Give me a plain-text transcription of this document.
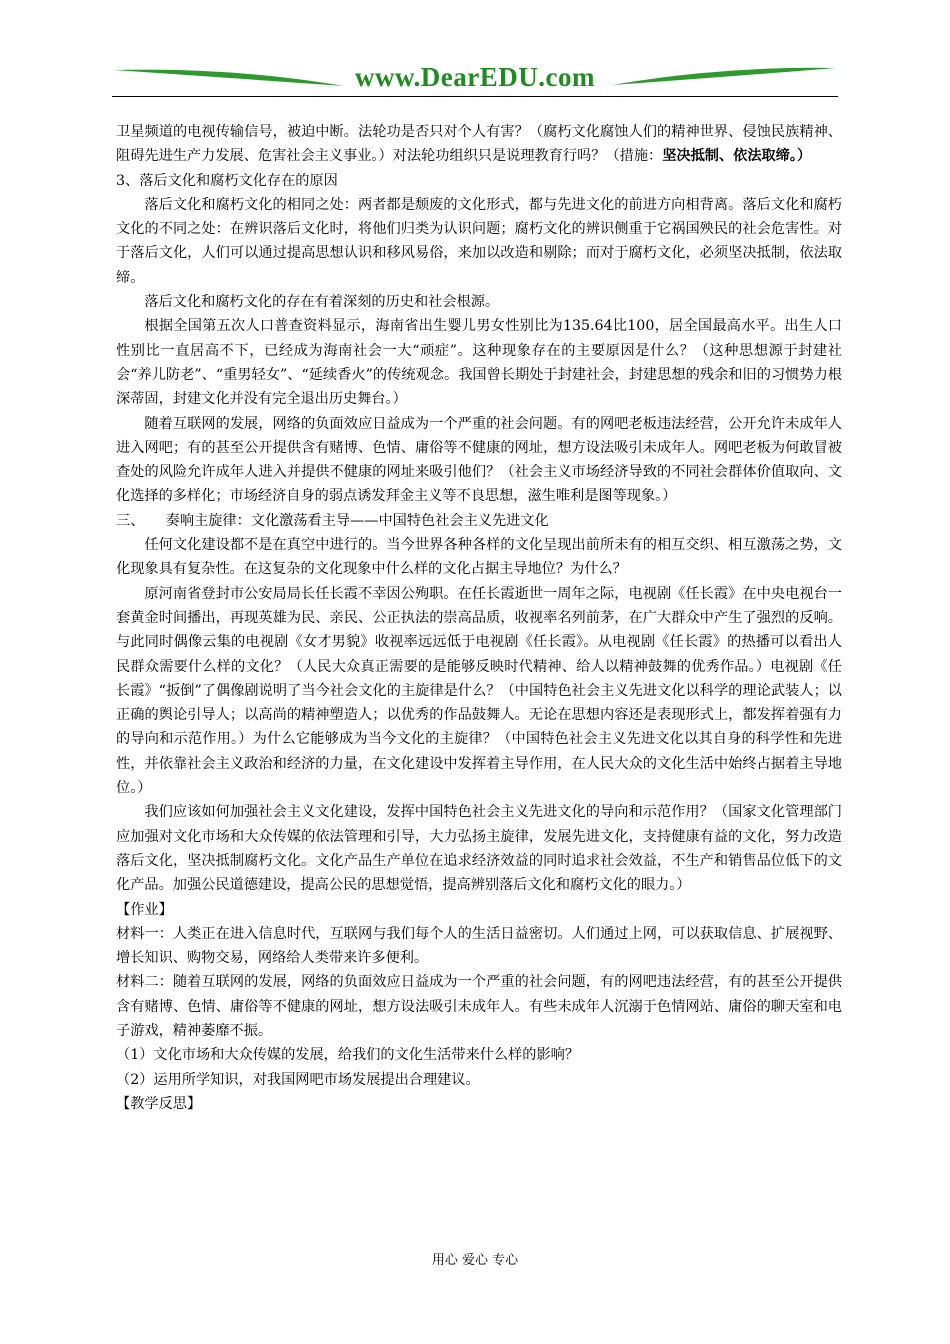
www.DearEDU.com

卫星频道的电视传输信号，被迫中断。法轮功是否只对个人有害？（腐朽文化腐蚀人们的精神世界、侵蚀民族精神、阻碍先进生产力发展、危害社会主义事业。）对法轮功组织只是说理教育行吗？（措施：坚决抵制、依法取缔。）

3、落后文化和腐朽文化存在的原因

落后文化和腐朽文化的相同之处：两者都是颓废的文化形式，都与先进文化的前进方向相背离。落后文化和腐朽文化的不同之处：在辨识落后文化时，将他们归类为认识问题；腐朽文化的辨识侧重于它祸国殃民的社会危害性。对于落后文化，人们可以通过提高思想认识和移风易俗，来加以改造和剔除；而对于腐朽文化，必须坚决抵制，依法取缔。

落后文化和腐朽文化的存在有着深刻的历史和社会根源。

根据全国第五次人口普查资料显示，海南省出生婴儿男女性别比为135.64比100，居全国最高水平。出生人口性别比一直居高不下，已经成为海南社会一大“顽症”。这种现象存在的主要原因是什么？（这种思想源于封建社会“养儿防老”、“重男轻女”、“延续香火”的传统观念。我国曾长期处于封建社会，封建思想的残余和旧的习惯势力根深蒂固，封建文化并没有完全退出历史舞台。）

随着互联网的发展，网络的负面效应日益成为一个严重的社会问题。有的网吧老板违法经营，公开允许未成年人进入网吧；有的甚至公开提供含有赌博、色情、庸俗等不健康的网址，想方设法吸引未成年人。网吧老板为何敢冒被查处的风险允许成年人进入并提供不健康的网址来吸引他们？（社会主义市场经济导致的不同社会群体价值取向、文化选择的多样化；市场经济自身的弱点诱发拜金主义等不良思想，滋生唯利是图等现象。）

三、　　奏响主旋律：文化激荡看主导——中国特色社会主义先进文化

任何文化建设都不是在真空中进行的。当今世界各种各样的文化呈现出前所未有的相互交织、相互激荡之势，文化现象具有复杂性。在这复杂的文化现象中什么样的文化占据主导地位？为什么？

原河南省登封市公安局局长任长霞不幸因公殉职。在任长霞逝世一周年之际，电视剧《任长霞》在中央电视台一套黄金时间播出，再现英雄为民、亲民、公正执法的崇高品质，收视率名列前茅，在广大群众中产生了强烈的反响。与此同时偶像云集的电视剧《女才男貌》收视率远远低于电视剧《任长霞》。从电视剧《任长霞》的热播可以看出人民群众需要什么样的文化？（人民大众真正需要的是能够反映时代精神、给人以精神鼓舞的优秀作品。）电视剧《任长霞》“扳倒”了偶像剧说明了当今社会文化的主旋律是什么？（中国特色社会主义先进文化以科学的理论武装人；以正确的舆论引导人；以高尚的精神塑造人；以优秀的作品鼓舞人。无论在思想内容还是表现形式上，都发挥着强有力的导向和示范作用。）为什么它能够成为当今文化的主旋律？（中国特色社会主义先进文化以其自身的科学性和先进性，并依靠社会主义政治和经济的力量，在文化建设中发挥着主导作用，在人民大众的文化生活中始终占据着主导地位。）

我们应该如何加强社会主义文化建设，发挥中国特色社会主义先进文化的导向和示范作用？（国家文化管理部门应加强对文化市场和大众传媒的依法管理和引导，大力弘扬主旋律，发展先进文化，支持健康有益的文化，努力改造落后文化，坚决抵制腐朽文化。文化产品生产单位在追求经济效益的同时追求社会效益，不生产和销售品位低下的文化产品。加强公民道德建设，提高公民的思想觉悟，提高辨别落后文化和腐朽文化的眼力。）

【作业】

材料一：人类正在进入信息时代，互联网与我们每个人的生活日益密切。人们通过上网，可以获取信息、扩展视野、增长知识、购物交易，网络给人类带来许多便利。

材料二：随着互联网的发展，网络的负面效应日益成为一个严重的社会问题，有的网吧违法经营，有的甚至公开提供含有赌博、色情、庸俗等不健康的网址，想方设法吸引未成年人。有些未成年人沉溺于色情网站、庸俗的聊天室和电子游戏，精神萎靡不振。

（1）文化市场和大众传媒的发展，给我们的文化生活带来什么样的影响？

（2）运用所学知识，对我国网吧市场发展提出合理建议。

【教学反思】

用心 爱心 专心
